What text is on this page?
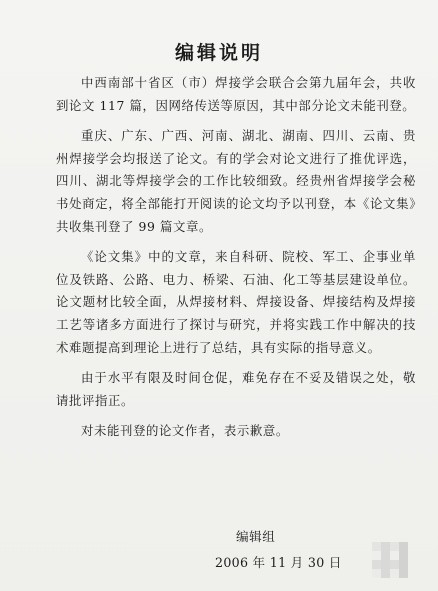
编辑说明

中西南部十省区（市）焊接学会联合会第九届年会，共收到论文 117 篇，因网络传送等原因，其中部分论文未能刊登。

重庆、广东、广西、河南、湖北、湖南、四川、云南、贵州焊接学会均报送了论文。有的学会对论文进行了推优评选，四川、湖北等焊接学会的工作比较细致。经贵州省焊接学会秘书处商定，将全部能打开阅读的论文均予以刊登，本《论文集》共收集刊登了 99 篇文章。

《论文集》中的文章，来自科研、院校、军工、企事业单位及铁路、公路、电力、桥梁、石油、化工等基层建设单位。论文题材比较全面，从焊接材料、焊接设备、焊接结构及焊接工艺等诸多方面进行了探讨与研究，并将实践工作中解决的技术难题提高到理论上进行了总结，具有实际的指导意义。

由于水平有限及时间仓促，难免存在不妥及错误之处，敬请批评指正。

对未能刊登的论文作者，表示歉意。

编辑组
2006 年 11 月 30 日
